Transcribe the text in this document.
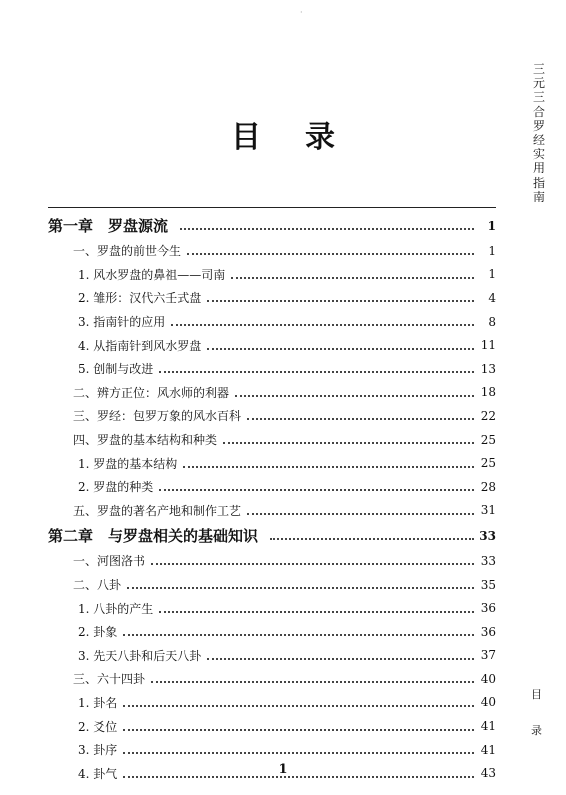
·
目录
三元三合罗经实用指南
目
录
第一章　罗盘源流	1
一、罗盘的前世今生	1
1. 风水罗盘的鼻祖——司南	1
2. 雏形：汉代六壬式盘	4
3. 指南针的应用	8
4. 从指南针到风水罗盘	11
5. 创制与改进	13
二、辨方正位：风水师的利器	18
三、罗经：包罗万象的风水百科	22
四、罗盘的基本结构和种类	25
1. 罗盘的基本结构	25
2. 罗盘的种类	28
五、罗盘的著名产地和制作工艺	31
第二章　与罗盘相关的基础知识	33
一、河图洛书	33
二、八卦	35
1. 八卦的产生	36
2. 卦象	36
3. 先天八卦和后天八卦	37
三、六十四卦	40
1. 卦名	40
2. 爻位	41
3. 卦序	41
4. 卦气	43
1
